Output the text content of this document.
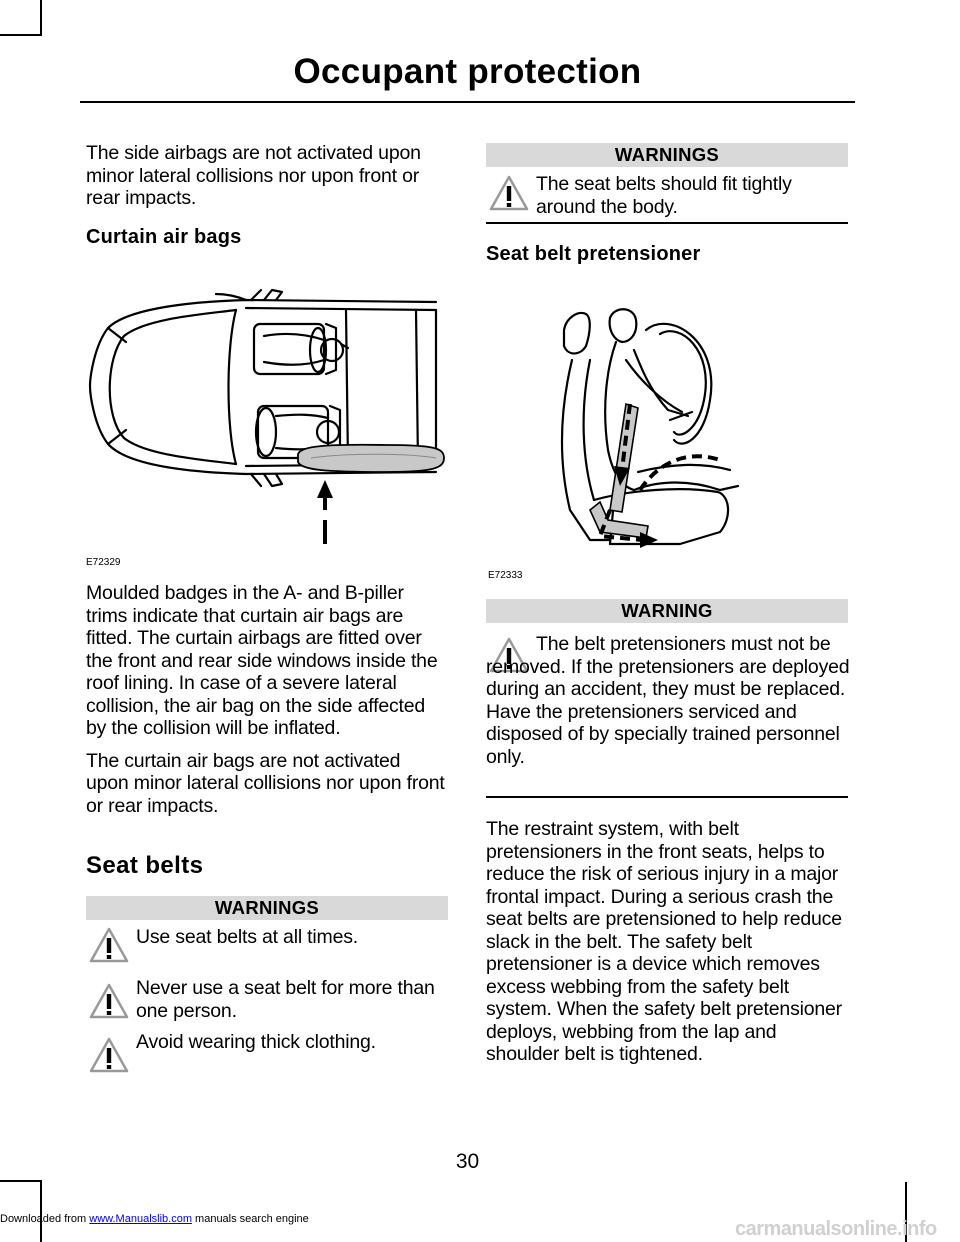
Occupant protection

The side airbags are not activated upon minor lateral collisions nor upon front or rear impacts.

Curtain air bags
E72329

Moulded badges in the A- and B-piller trims indicate that curtain air bags are fitted. The curtain airbags are fitted over the front and rear side windows inside the roof lining. In case of a severe lateral collision, the air bag on the side affected by the collision will be inflated.

The curtain air bags are not activated upon minor lateral collisions nor upon front or rear impacts.

Seat belts
WARNINGS
Use seat belts at all times.
Never use a seat belt for more than one person.
Avoid wearing thick clothing.
WARNINGS
The seat belts should fit tightly around the body.
Seat belt pretensioner
E72333
WARNING
The belt pretensioners must not be removed. If the pretensioners are deployed during an accident, they must be replaced. Have the pretensioners serviced and disposed of by specially trained personnel only.

The restraint system, with belt pretensioners in the front seats, helps to reduce the risk of serious injury in a major frontal impact. During a serious crash the seat belts are pretensioned to help reduce slack in the belt. The safety belt pretensioner is a device which removes excess webbing from the safety belt system. When the safety belt pretensioner deploys, webbing from the lap and shoulder belt is tightened.

30
Downloaded from www.Manualslib.com manuals search engine	carmanualsonline.info
